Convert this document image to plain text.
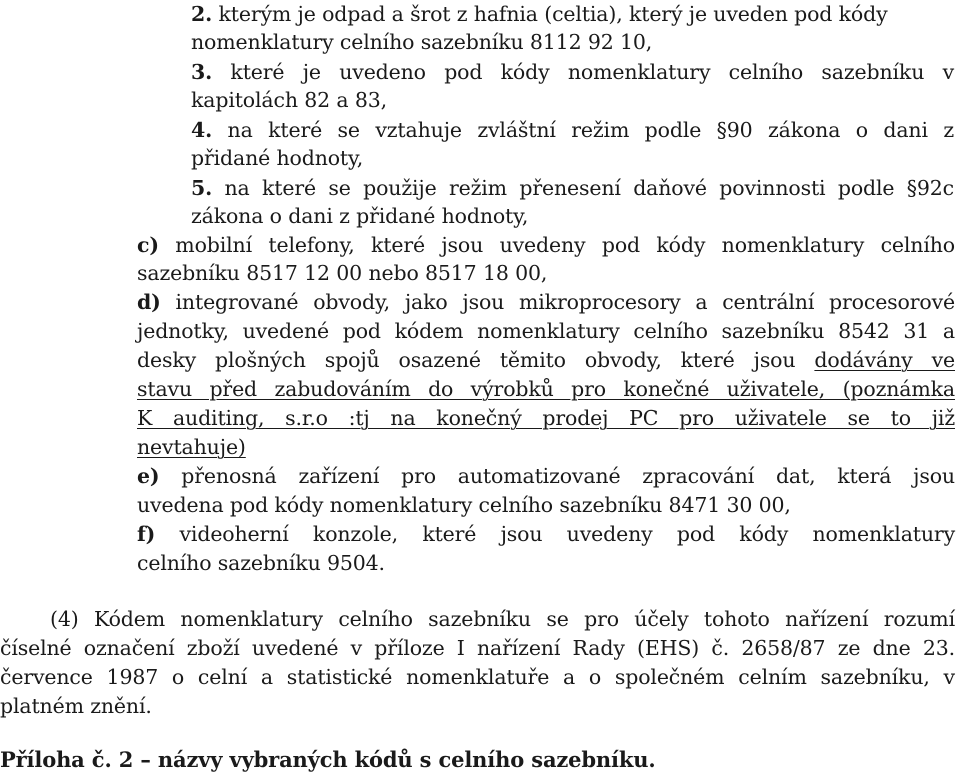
2. kterým je odpad a šrot z hafnia (celtia), který je uveden pod kódy
nomenklatury celního sazebníku 8112 92 10,
3. které je uvedeno pod kódy nomenklatury celního sazebníku v
kapitolách 82 a 83,
4. na které se vztahuje zvláštní režim podle §90 zákona o dani z
přidané hodnoty,
5. na které se použije režim přenesení daňové povinnosti podle §92c
zákona o dani z přidané hodnoty,
c) mobilní telefony, které jsou uvedeny pod kódy nomenklatury celního
sazebníku 8517 12 00 nebo 8517 18 00,
d) integrované obvody, jako jsou mikroprocesory a centrální procesorové
jednotky, uvedené pod kódem nomenklatury celního sazebníku 8542 31 a
desky plošných spojů osazené těmito obvody, které jsou dodávány ve
stavu před zabudováním do výrobků pro konečné uživatele, (poznámka
K auditing, s.r.o :tj na konečný prodej PC pro uživatele se to již
nevtahuje)
e) přenosná zařízení pro automatizované zpracování dat, která jsou
uvedena pod kódy nomenklatury celního sazebníku 8471 30 00,
f) videoherní konzole, které jsou uvedeny pod kódy nomenklatury
celního sazebníku 9504.
(4) Kódem nomenklatury celního sazebníku se pro účely tohoto nařízení rozumí
číselné označení zboží uvedené v příloze I nařízení Rady (EHS) č. 2658/87 ze dne 23.
července 1987 o celní a statistické nomenklatuře a o společném celním sazebníku, v
platném znění.
Příloha č. 2 – názvy vybraných kódů s celního sazebníku.
